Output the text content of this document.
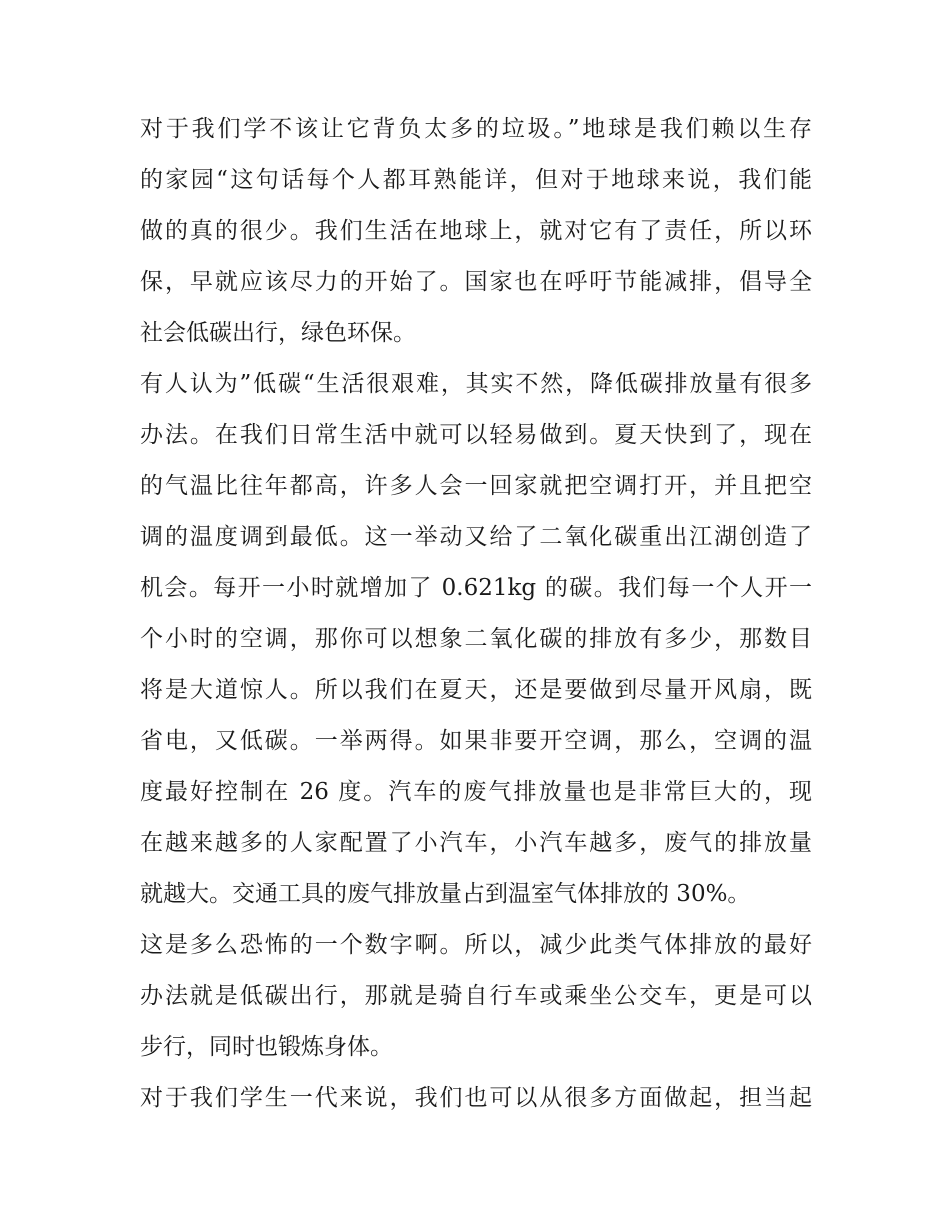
对于我们学不该让它背负太多的垃圾。”地球是我们赖以生存
的家园“这句话每个人都耳熟能详，但对于地球来说，我们能
做的真的很少。我们生活在地球上，就对它有了责任，所以环
保，早就应该尽力的开始了。国家也在呼吁节能减排，倡导全
社会低碳出行，绿色环保。
有人认为”低碳“生活很艰难，其实不然，降低碳排放量有很多
办法。在我们日常生活中就可以轻易做到。夏天快到了，现在
的气温比往年都高，许多人会一回家就把空调打开，并且把空
调的温度调到最低。这一举动又给了二氧化碳重出江湖创造了
机会。每开一小时就增加了 0.621kg 的碳。我们每一个人开一
个小时的空调，那你可以想象二氧化碳的排放有多少，那数目
将是大道惊人。所以我们在夏天，还是要做到尽量开风扇，既
省电，又低碳。一举两得。如果非要开空调，那么，空调的温
度最好控制在 26 度。汽车的废气排放量也是非常巨大的，现
在越来越多的人家配置了小汽车，小汽车越多，废气的排放量
就越大。交通工具的废气排放量占到温室气体排放的 30%。
这是多么恐怖的一个数字啊。所以，减少此类气体排放的最好
办法就是低碳出行，那就是骑自行车或乘坐公交车，更是可以
步行，同时也锻炼身体。
对于我们学生一代来说，我们也可以从很多方面做起，担当起
